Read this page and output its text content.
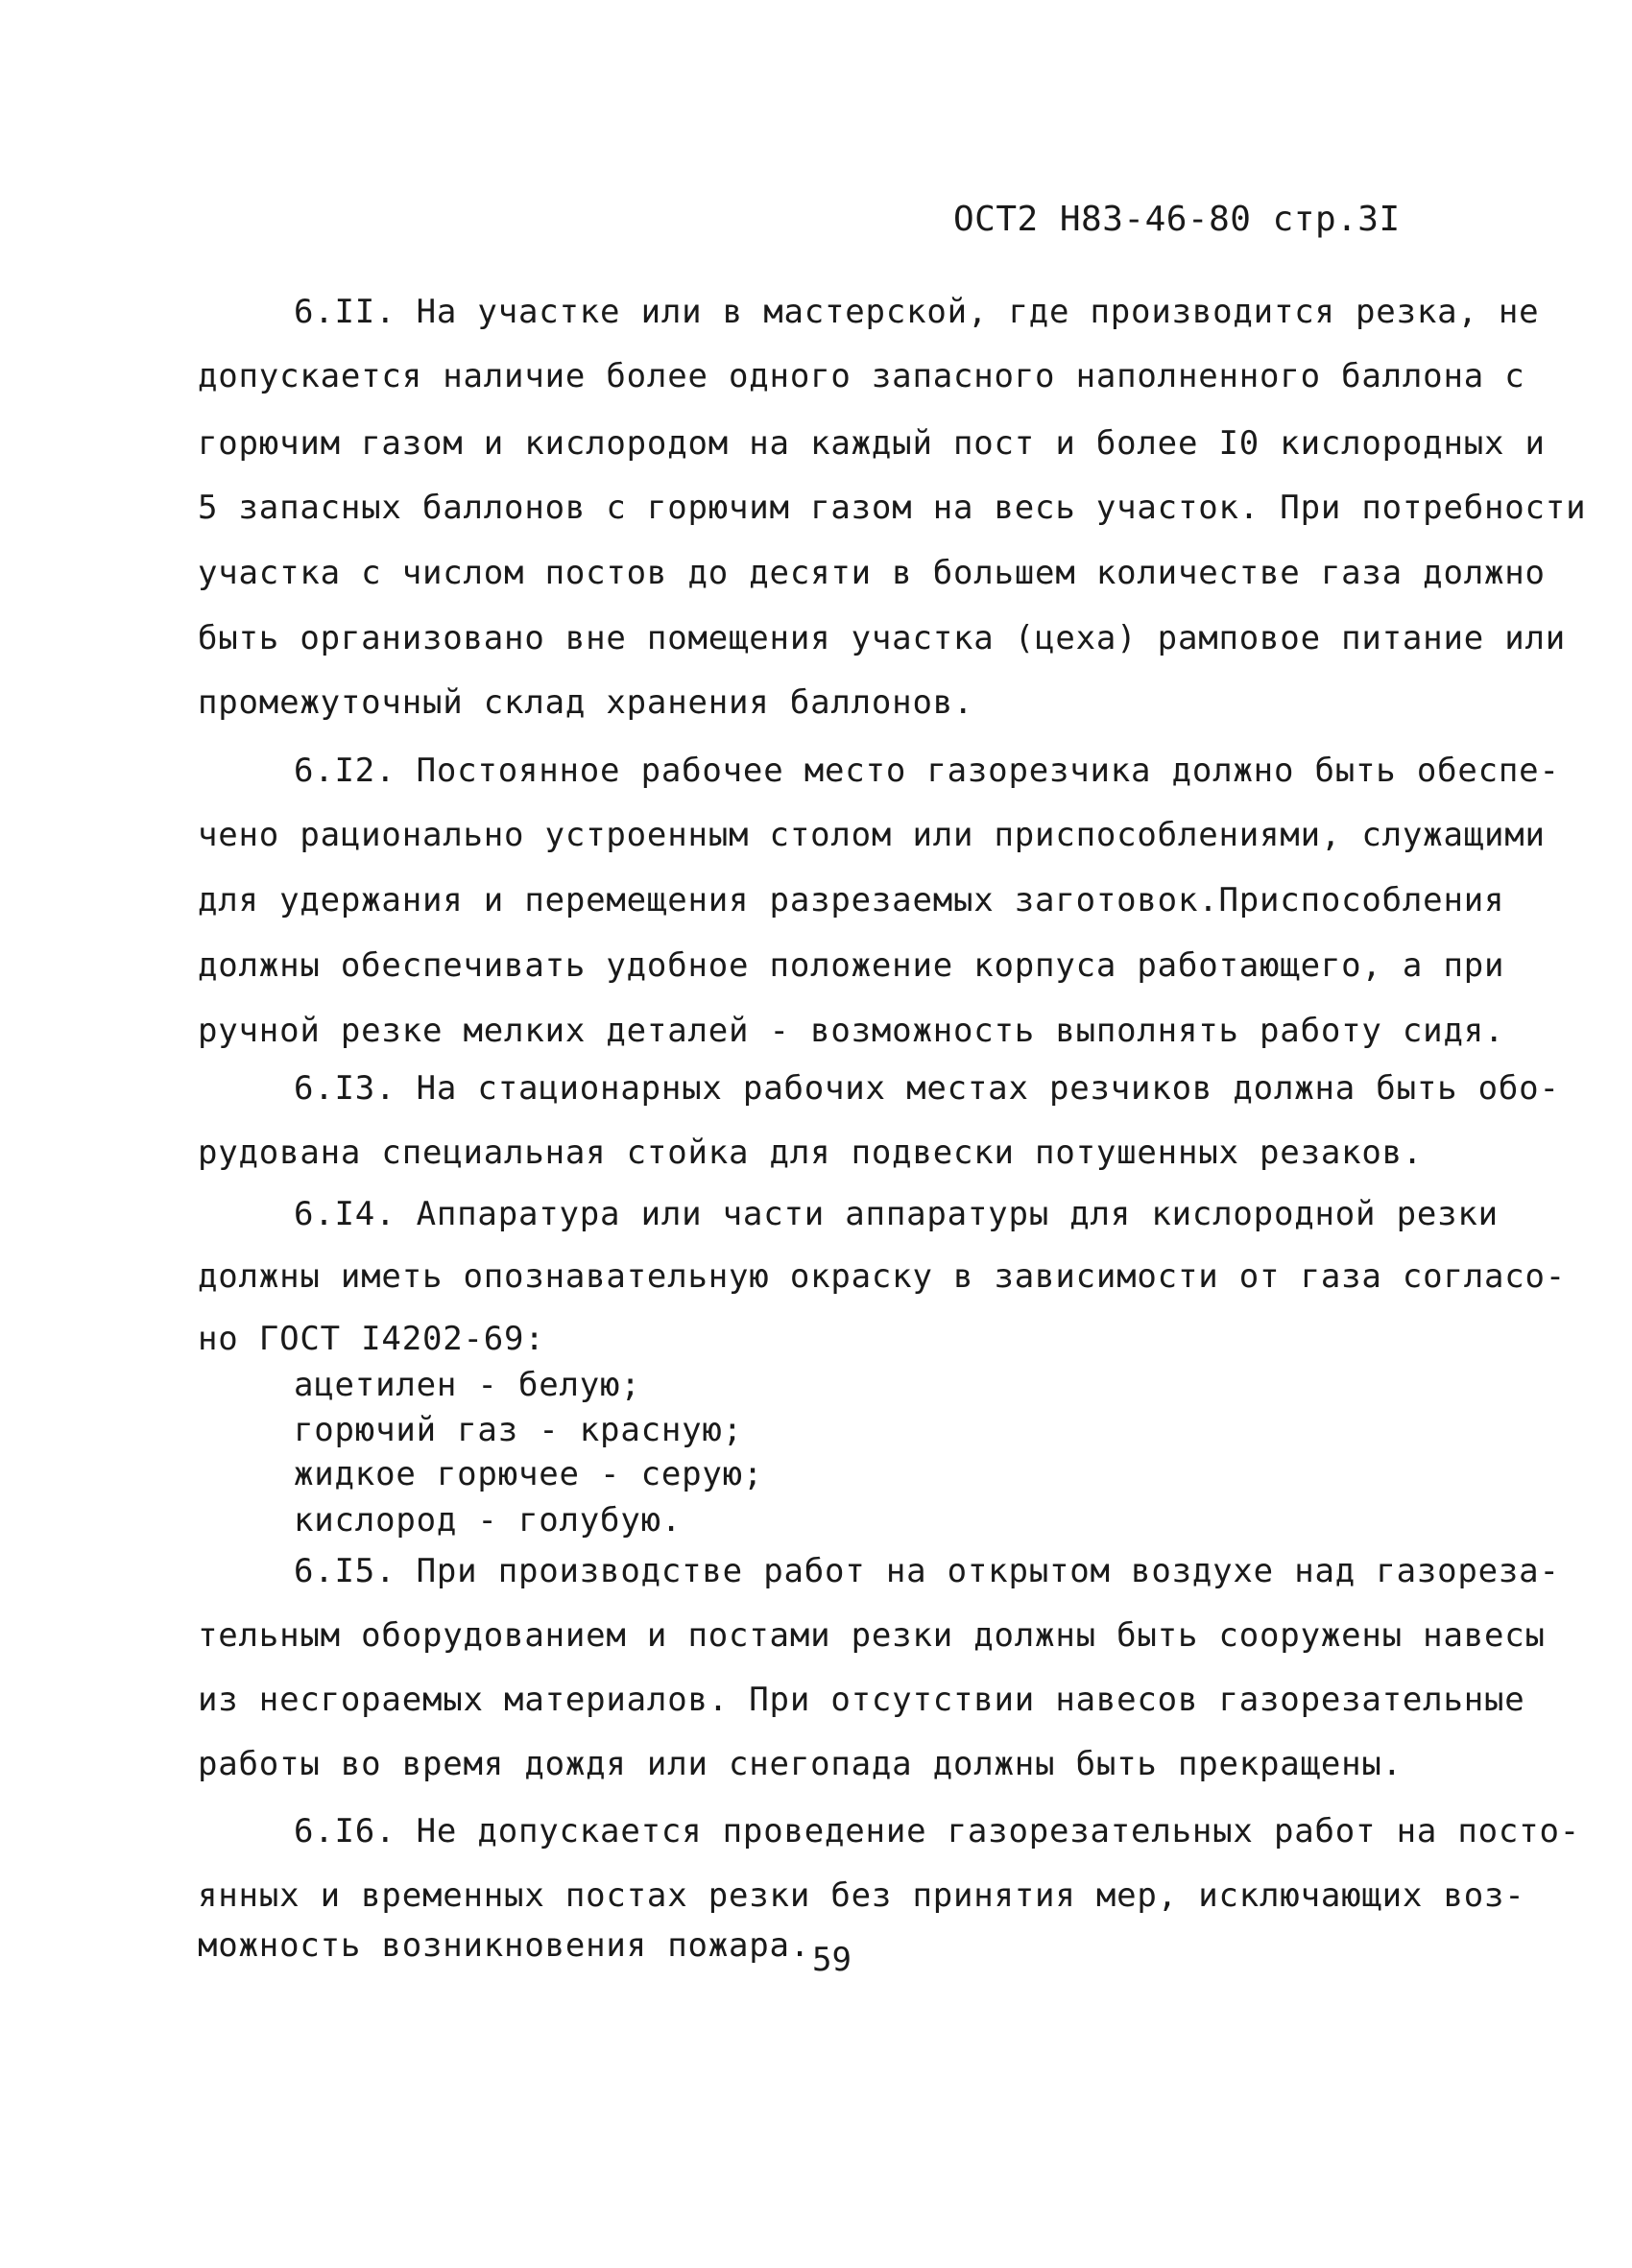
ОСТ2 Н83-46-80 стр.3I
6.II. На участке или в мастерской, где производится резка, не
допускается наличие более одного запасного наполненного баллона с
горючим газом и кислородом на каждый пост и более I0 кислородных и
5 запасных баллонов с горючим газом на весь участок. При потребности
участка с числом постов до десяти в большем количестве газа должно
быть организовано вне помещения участка (цеха) рамповое питание или
промежуточный склад хранения баллонов.
6.I2. Постоянное рабочее место газорезчика должно быть обеспе-
чено рационально устроенным столом или приспособлениями, служащими
для удержания и перемещения разрезаемых заготовок.Приспособления
должны обеспечивать удобное положение корпуса работающего, а при
ручной резке мелких деталей - возможность выполнять работу сидя.
6.I3. На стационарных рабочих местах резчиков должна быть обо-
рудована специальная стойка для подвески потушенных резаков.
6.I4. Аппаратура или части аппаратуры для кислородной резки
должны иметь опознавательную окраску в зависимости от газа согласо-
но ГОСТ I4202-69:
ацетилен - белую;
горючий газ - красную;
жидкое горючее - серую;
кислород - голубую.
6.I5. При производстве работ на открытом воздухе над газореза-
тельным оборудованием и постами резки должны быть сооружены навесы
из несгораемых материалов. При отсутствии навесов газорезательные
работы во время дождя или снегопада должны быть прекращены.
6.I6. Не допускается проведение газорезательных работ на посто-
янных и временных постах резки без принятия мер, исключающих воз-
можность возникновения пожара. 59
